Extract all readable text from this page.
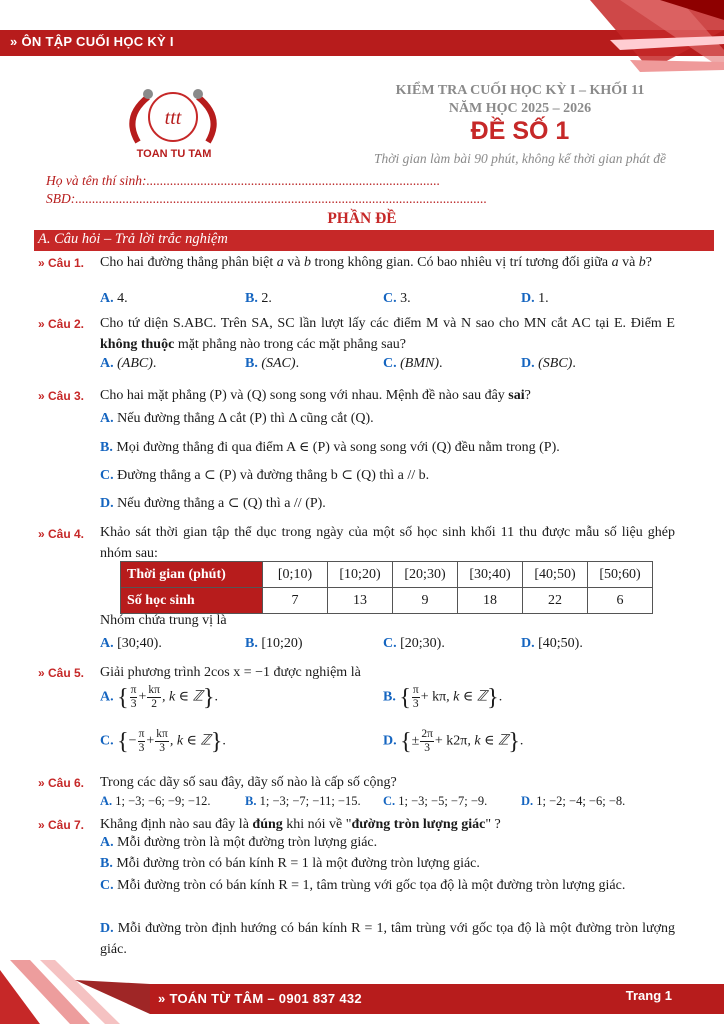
» ÔN TẬP CUỐI HỌC KỲ I
ttt
TOAN TU TAM
KIỂM TRA CUỐI HỌC KỲ I – KHỐI 11
NĂM HỌC 2025 – 2026
ĐỀ SỐ 1
Thời gian làm bài 90 phút, không kể thời gian phát đề
Họ và tên thí sinh:.......................................................................................
SBD:..........................................................................................................................
PHẦN ĐỀ
A. Câu hỏi – Trả lời trắc nghiệm
» Câu 1. Cho hai đường thẳng phân biệt a và b trong không gian. Có bao nhiêu vị trí tương đối giữa a và b?
A. 4.	B. 2.	C. 3.	D. 1.
» Câu 2. Cho tứ diện S.ABC. Trên SA, SC lần lượt lấy các điểm M và N sao cho MN cắt AC tại E. Điểm E không thuộc mặt phẳng nào trong các mặt phẳng sau?
A. (ABC).	B. (SAC).	C. (BMN).	D. (SBC).
» Câu 3. Cho hai mặt phẳng (P) và (Q) song song với nhau. Mệnh đề nào sau đây sai?
A. Nếu đường thẳng Δ cắt (P) thì Δ cũng cắt (Q).
B. Mọi đường thẳng đi qua điểm A ∈ (P) và song song với (Q) đều nằm trong (P).
C. Đường thẳng a ⊂ (P) và đường thẳng b ⊂ (Q) thì a // b.
D. Nếu đường thẳng a ⊂ (Q) thì a // (P).
» Câu 4. Khảo sát thời gian tập thể dục trong ngày của một số học sinh khối 11 thu được mẫu số liệu ghép nhóm sau:
Thời gian (phút)	[0;10)	[10;20)	[20;30)	[30;40)	[40;50)	[50;60)
Số học sinh	7	13	9	18	22	6
Nhóm chứa trung vị là
A. [30;40).	B. [10;20)	C. [20;30).	D. [40;50).
» Câu 5. Giải phương trình 2cos x = −1 được nghiệm là
A. { $\frac{\pi}{3} + \frac{k\pi}{2}$ , k ∈ ℤ}.	B. { $\frac{\pi}{3} + k\pi$, k ∈ ℤ}.
C. {− $\frac{\pi}{3} + \frac{k\pi}{3}$ , k ∈ ℤ}.	D. {± $\frac{2\pi}{3} + k2\pi$, k ∈ ℤ}.
» Câu 6. Trong các dãy số sau đây, dãy số nào là cấp số cộng?
A. 1; −3; −6; −9; −12.	B. 1; −3; −7; −11; −15. C. 1; −3; −5; −7; −9.	D. 1; −2; −4; −6; −8.
» Câu 7. Khẳng định nào sau đây là đúng khi nói về "đường tròn lượng giác" ?
A. Mỗi đường tròn là một đường tròn lượng giác.
B. Mỗi đường tròn có bán kính R = 1 là một đường tròn lượng giác.
C. Mỗi đường tròn có bán kính R = 1, tâm trùng với gốc tọa độ là một đường tròn lượng giác.
D. Mỗi đường tròn định hướng có bán kính R = 1, tâm trùng với gốc tọa độ là một đường tròn lượng giác.
» TOÁN TỪ TÂM – 0901 837 432	Trang 1
